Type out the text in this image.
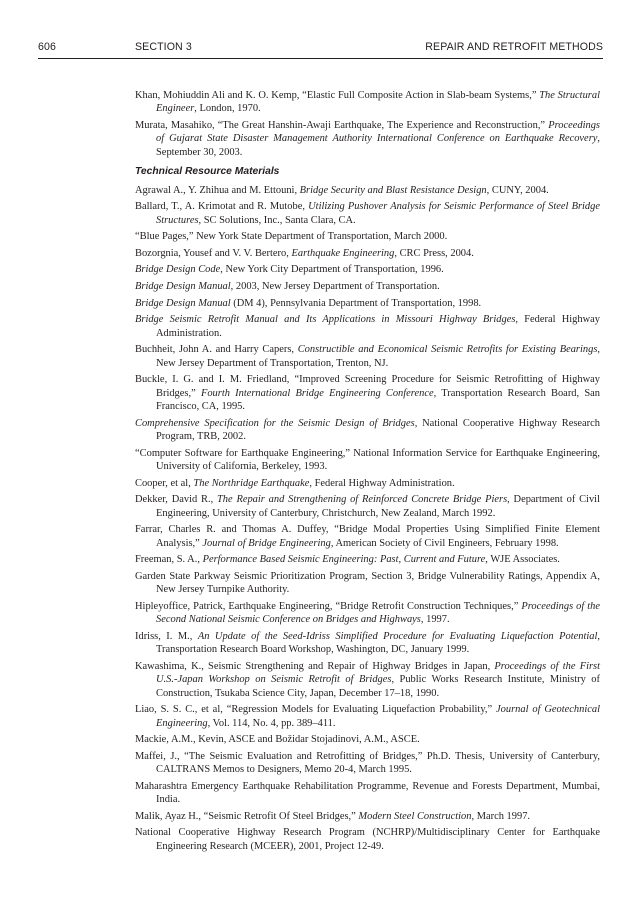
606	SECTION 3	REPAIR AND RETROFIT METHODS

Khan, Mohiuddin Ali and K. O. Kemp, “Elastic Full Composite Action in Slab-beam Systems,” The Structural Engineer, London, 1970.

Murata, Masahiko, “The Great Hanshin-Awaji Earthquake, The Experience and Reconstruction,” Proceedings of Gujarat State Disaster Management Authority International Conference on Earthquake Recovery, September 30, 2003.

Technical Resource Materials

Agrawal A., Y. Zhihua and M. Ettouni, Bridge Security and Blast Resistance Design, CUNY, 2004.

Ballard, T., A. Krimotat and R. Mutobe, Utilizing Pushover Analysis for Seismic Performance of Steel Bridge Structures, SC Solutions, Inc., Santa Clara, CA.

“Blue Pages,” New York State Department of Transportation, March 2000.

Bozorgnia, Yousef and V. V. Bertero, Earthquake Engineering, CRC Press, 2004.

Bridge Design Code, New York City Department of Transportation, 1996.

Bridge Design Manual, 2003, New Jersey Department of Transportation.

Bridge Design Manual (DM 4), Pennsylvania Department of Transportation, 1998.

Bridge Seismic Retrofit Manual and Its Applications in Missouri Highway Bridges, Federal Highway Administration.

Buchheit, John A. and Harry Capers, Constructible and Economical Seismic Retrofits for Existing Bearings, New Jersey Department of Transportation, Trenton, NJ.

Buckle, I. G. and I. M. Friedland, “Improved Screening Procedure for Seismic Retrofitting of Highway Bridges,” Fourth International Bridge Engineering Conference, Transportation Research Board, San Francisco, CA, 1995.

Comprehensive Specification for the Seismic Design of Bridges, National Cooperative Highway Research Program, TRB, 2002.

“Computer Software for Earthquake Engineering,” National Information Service for Earthquake Engineering, University of California, Berkeley, 1993.

Cooper, et al, The Northridge Earthquake, Federal Highway Administration.

Dekker, David R., The Repair and Strengthening of Reinforced Concrete Bridge Piers, Department of Civil Engineering, University of Canterbury, Christchurch, New Zealand, March 1992.

Farrar, Charles R. and Thomas A. Duffey, “Bridge Modal Properties Using Simplified Finite Element Analysis,” Journal of Bridge Engineering, American Society of Civil Engineers, February 1998.

Freeman, S. A., Performance Based Seismic Engineering: Past, Current and Future, WJE Associates.

Garden State Parkway Seismic Prioritization Program, Section 3, Bridge Vulnerability Ratings, Appendix A, New Jersey Turnpike Authority.

Hipleyoffice, Patrick, Earthquake Engineering, “Bridge Retrofit Construction Techniques,” Proceedings of the Second National Seismic Conference on Bridges and Highways, 1997.

Idriss, I. M., An Update of the Seed-Idriss Simplified Procedure for Evaluating Liquefaction Potential, Transportation Research Board Workshop, Washington, DC, January 1999.

Kawashima, K., Seismic Strengthening and Repair of Highway Bridges in Japan, Proceedings of the First U.S.-Japan Workshop on Seismic Retrofit of Bridges, Public Works Research Institute, Ministry of Construction, Tsukaba Science City, Japan, December 17–18, 1990.

Liao, S. S. C., et al, “Regression Models for Evaluating Liquefaction Probability,” Journal of Geotechnical Engineering, Vol. 114, No. 4, pp. 389–411.

Mackie, A.M., Kevin, ASCE and Božidar Stojadinovi, A.M., ASCE.

Maffei, J., “The Seismic Evaluation and Retrofitting of Bridges,” Ph.D. Thesis, University of Canterbury, CALTRANS Memos to Designers, Memo 20-4, March 1995.

Maharashtra Emergency Earthquake Rehabilitation Programme, Revenue and Forests Department, Mumbai, India.

Malik, Ayaz H., “Seismic Retrofit Of Steel Bridges,” Modern Steel Construction, March 1997.

National Cooperative Highway Research Program (NCHRP)/Multidisciplinary Center for Earthquake Engineering Research (MCEER), 2001, Project 12-49.
